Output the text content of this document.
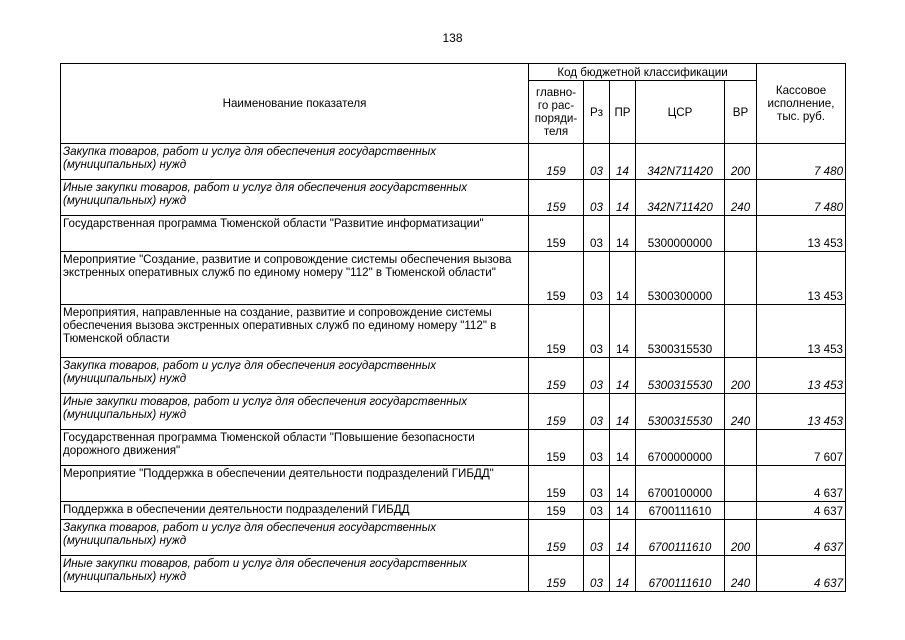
138
Наименование показателя	Код бюджетной классификации					Кассовое исполнение, тыс. руб.
	главно-го рас-поряди-теля	Рз	ПР	ЦСР	ВР	
Закупка товаров, работ и услуг для обеспечения государственных (муниципальных) нужд	159	03	14	342N711420	200	7 480
Иные закупки товаров, работ и услуг для обеспечения государственных (муниципальных) нужд	159	03	14	342N711420	240	7 480
Государственная программа Тюменской области "Развитие информатизации"	159	03	14	5300000000		13 453
Мероприятие "Создание, развитие и сопровождение системы обеспечения вызова экстренных оперативных служб по единому номеру "112" в Тюменской области"	159	03	14	5300300000		13 453
Мероприятия, направленные на создание, развитие и сопровождение системы обеспечения вызова экстренных оперативных служб по единому номеру "112" в Тюменской области	159	03	14	5300315530		13 453
Закупка товаров, работ и услуг для обеспечения государственных (муниципальных) нужд	159	03	14	5300315530	200	13 453
Иные закупки товаров, работ и услуг для обеспечения государственных (муниципальных) нужд	159	03	14	5300315530	240	13 453
Государственная программа Тюменской области "Повышение безопасности дорожного движения"	159	03	14	6700000000		7 607
Мероприятие "Поддержка в обеспечении деятельности подразделений ГИБДД"	159	03	14	6700100000		4 637
Поддержка в обеспечении деятельности подразделений ГИБДД	159	03	14	6700111610		4 637
Закупка товаров, работ и услуг для обеспечения государственных (муниципальных) нужд	159	03	14	6700111610	200	4 637
Иные закупки товаров, работ и услуг для обеспечения государственных (муниципальных) нужд	159	03	14	6700111610	240	4 637
